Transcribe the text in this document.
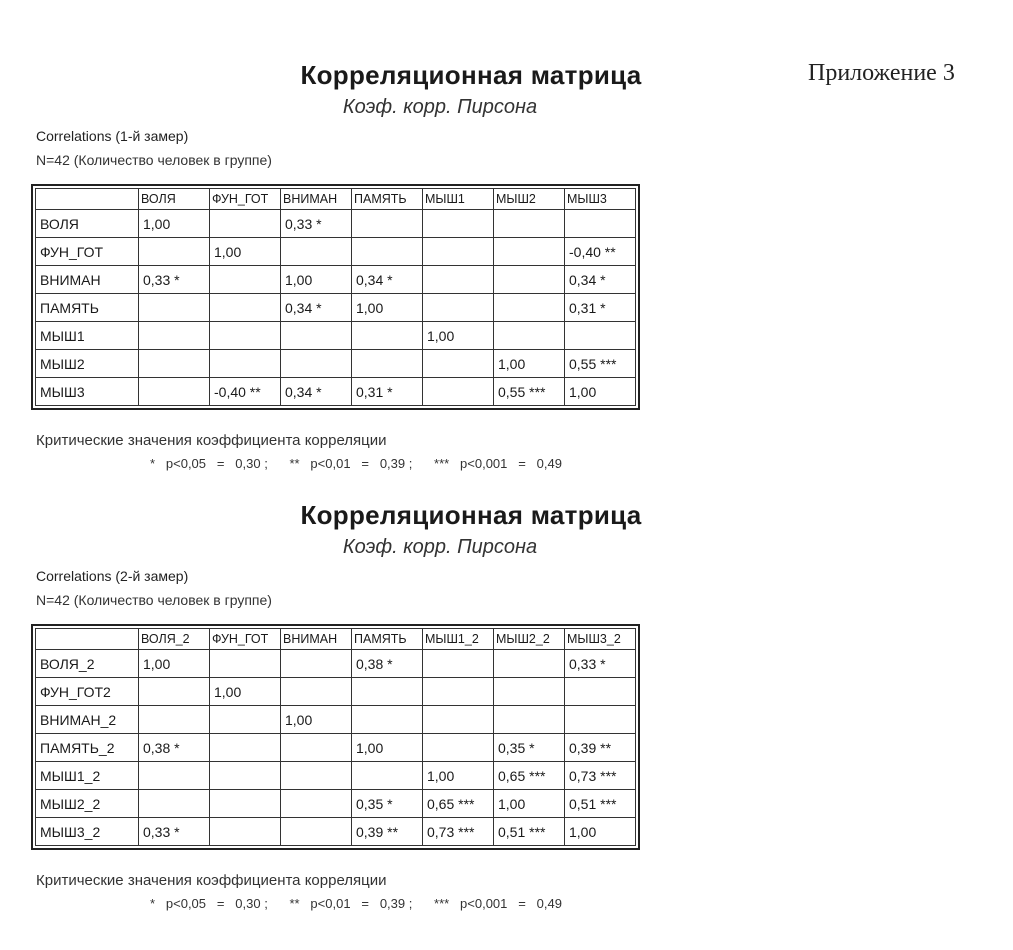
Приложение 3
Корреляционная матрица
Коэф. корр. Пирсона
Correlations (1-й замер)
N=42 (Количество человек в группе)
	ВОЛЯ	ФУН_ГОТ	ВНИМАН	ПАМЯТЬ	МЫШ1	МЫШ2	МЫШ3
ВОЛЯ	1,00		0,33 *				
ФУН_ГОТ		1,00					-0,40 **
ВНИМАН	0,33 *		1,00	0,34 *			0,34 *
ПАМЯТЬ			0,34 *	1,00			0,31 *
МЫШ1					1,00		
МЫШ2						1,00	0,55 ***
МЫШ3		-0,40 **	0,34 *	0,31 *		0,55 ***	1,00
Критические значения коэффициента корреляции
*   p<0,05   =   0,30 ;      **   p<0,01   =   0,39 ;      ***   p<0,001   =   0,49
Корреляционная матрица
Коэф. корр. Пирсона
Correlations (2-й замер)
N=42 (Количество человек в группе)
	ВОЛЯ_2	ФУН_ГОТ	ВНИМАН	ПАМЯТЬ	МЫШ1_2	МЫШ2_2	МЫШ3_2
ВОЛЯ_2	1,00			0,38 *			0,33 *
ФУН_ГОТ2		1,00					
ВНИМАН_2			1,00				
ПАМЯТЬ_2	0,38 *			1,00		0,35 *	0,39 **
МЫШ1_2					1,00	0,65 ***	0,73 ***
МЫШ2_2				0,35 *	0,65 ***	1,00	0,51 ***
МЫШ3_2	0,33 *			0,39 **	0,73 ***	0,51 ***	1,00
Критические значения коэффициента корреляции
*   p<0,05   =   0,30 ;      **   p<0,01   =   0,39 ;      ***   p<0,001   =   0,49
